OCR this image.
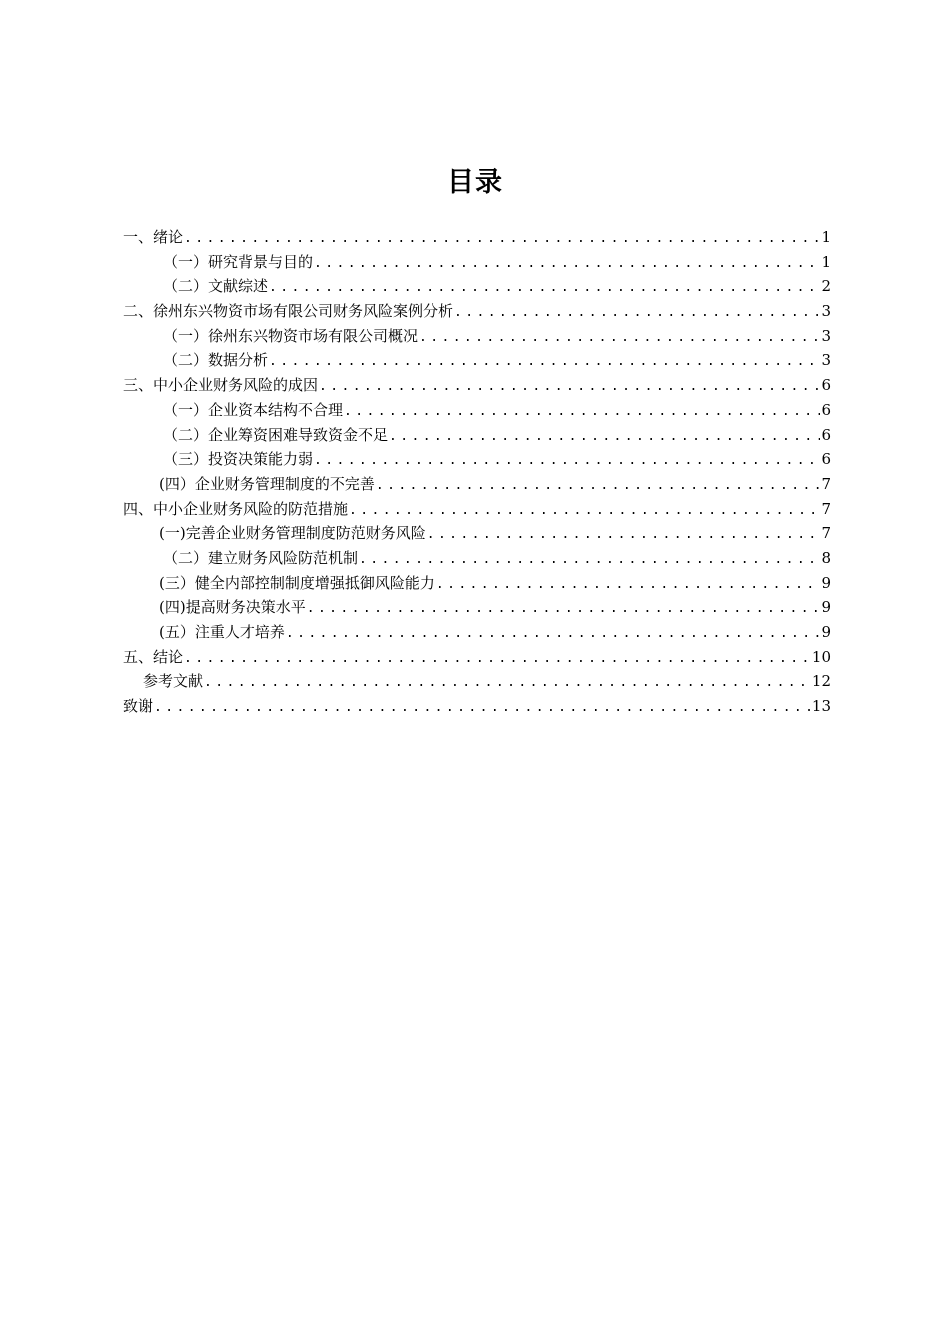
目录
一、绪论 .....	1
（一）研究背景与目的 .....	1
（二）文献综述 .....	2
二、徐州东兴物资市场有限公司财务风险案例分析 .....	3
（一）徐州东兴物资市场有限公司概况 .....	3
（二）数据分析 .....	3
三、中小企业财务风险的成因 .....	6
（一）企业资本结构不合理 .....	6
（二）企业筹资困难导致资金不足 .....	6
（三）投资决策能力弱 .....	6
(四）企业财务管理制度的不完善 .....	7
四、中小企业财务风险的防范措施 .....	7
(一)完善企业财务管理制度防范财务风险 .....	7
（二）建立财务风险防范机制 .....	8
(三）健全内部控制制度增强抵御风险能力 .....	9
(四)提高财务决策水平 .....	9
(五）注重人才培养 .....	9
五、结论 .....	10
参考文献 .....	12
致谢 .....	13
